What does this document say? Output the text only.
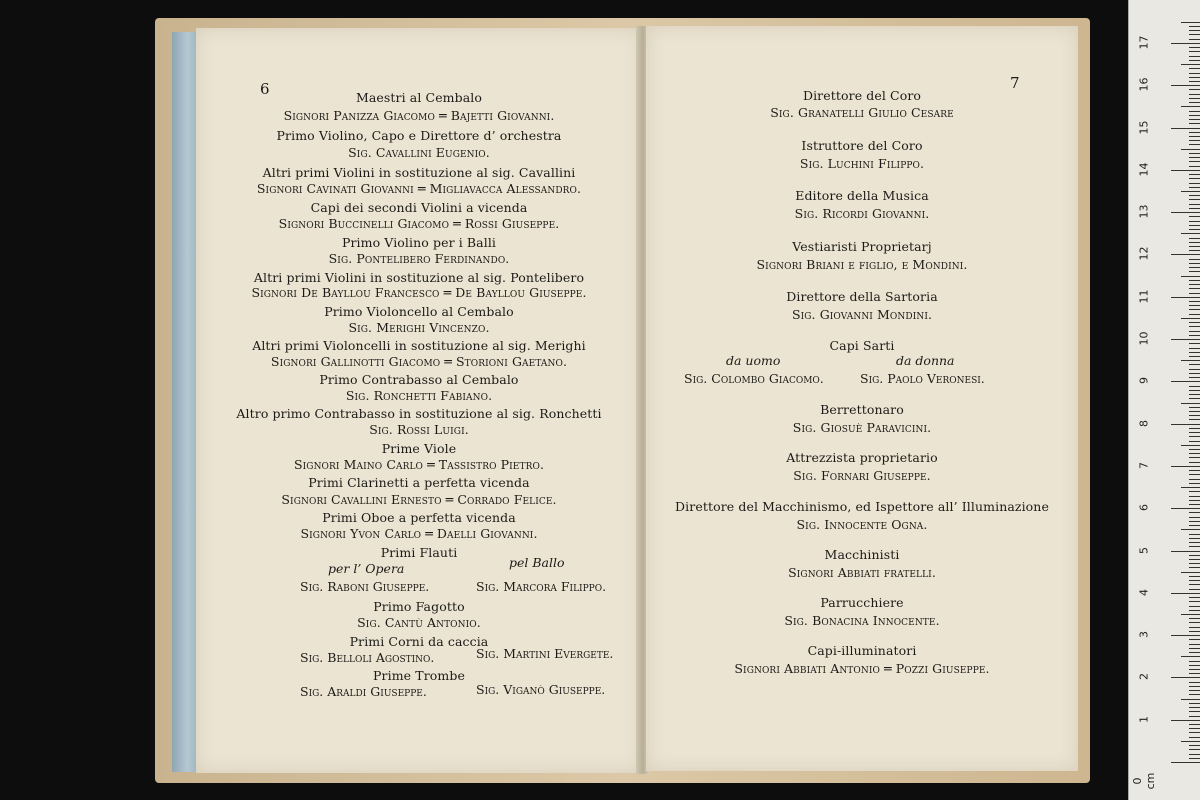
6	Maestri al Cembalo
Signori Panizza Giacomo ═ Bajetti Giovanni.
Primo Violino, Capo e Direttore d’ orchestra
Sig. Cavallini Eugenio.
Altri primi Violini in sostituzione al sig. Cavallini
Signori Cavinati Giovanni ═ Migliavacca Alessandro.
Capi dei secondi Violini a vicenda
Signori Buccinelli Giacomo ═ Rossi Giuseppe.
Primo Violino per i Balli
Sig. Pontelibero Ferdinando.
Altri primi Violini in sostituzione al sig. Pontelibero
Signori De Bayllou Francesco ═ De Bayllou Giuseppe.
Primo Violoncello al Cembalo
Sig. Merighi Vincenzo.
Altri primi Violoncelli in sostituzione al sig. Merighi
Signori Gallinotti Giacomo ═ Storioni Gaetano.
Primo Contrabasso al Cembalo
Sig. Ronchetti Fabiano.
Altro primo Contrabasso in sostituzione al sig. Ronchetti
Sig. Rossi Luigi.
Prime Viole
Signori Maino Carlo ═ Tassistro Pietro.
Primi Clarinetti a perfetta vicenda
Signori Cavallini Ernesto ═ Corrado Felice.
Primi Oboe a perfetta vicenda
Signori Yvon Carlo ═ Daelli Giovanni.
Primi Flauti
per l’ Opera	pel Ballo
Sig. Raboni Giuseppe.	Sig. Marcora Filippo.
Primo Fagotto
Sig. Cantù Antonio.
Primi Corni da caccia
Sig. Belloli Agostino.	Sig. Martini Evergete.
Prime Trombe
Sig. Araldi Giuseppe.	Sig. Viganò Giuseppe.
7
Direttore del Coro
Sig. Granatelli Giulio Cesare
Istruttore del Coro
Sig. Luchini Filippo.
Editore della Musica
Sig. Ricordi Giovanni.
Vestiaristi Proprietarj
Signori Briani e figlio, e Mondini.
Direttore della Sartoria
Sig. Giovanni Mondini.
Capi Sarti
da uomo	da donna
Sig. Colombo Giacomo.	Sig. Paolo Veronesi.
Berrettonaro
Sig. Giosuè Paravicini.
Attrezzista proprietario
Sig. Fornari Giuseppe.
Direttore del Macchinismo, ed Ispettore all’ Illuminazione
Sig. Innocente Ogna.
Macchinisti
Signori Abbiati fratelli.
Parrucchiere
Sig. Bonacina Innocente.
Capi-illuminatori
Signori Abbiati Antonio ═ Pozzi Giuseppe.
0 cm
1
2
3
4
5
6
7
8
9
10
11
12
13
14
15
16
17
